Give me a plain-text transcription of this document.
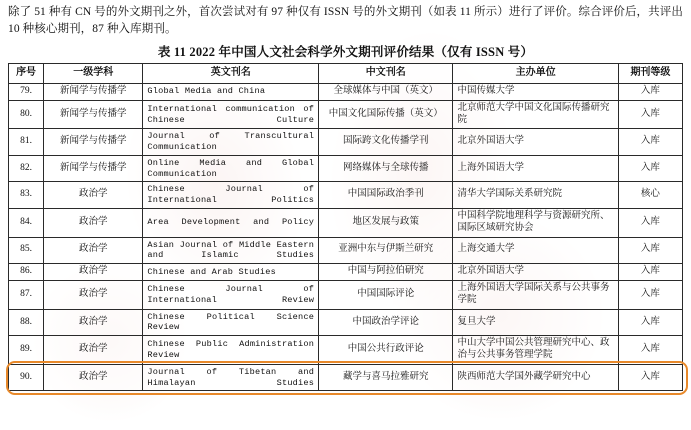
除了 51 种有 CN 号的外文期刊之外，首次尝试对有 97 种仅有 ISSN 号的外文期刊（如表 11 所示）进行了评价。综合评价后，共评出 10 种核心期刊，87 种入库期刊。

表 11 2022 年中国人文社会科学外文期刊评价结果（仅有 ISSN 号）
序号	一级学科	英文刊名	中文刊名	主办单位	期刊等级
79.	新闻学与传播学	Global Media and China	全球媒体与中国（英文）	中国传媒大学	入库
80.	新闻学与传播学	International communication of Chinese Culture	中国文化国际传播（英文）	北京师范大学中国文化国际传播研究院	入库
81.	新闻学与传播学	Journal of Transcultural Communication	国际跨文化传播学刊	北京外国语大学	入库
82.	新闻学与传播学	Online Media and Global Communication	网络媒体与全球传播	上海外国语大学	入库
83.	政治学	Chinese Journal of International Politics	中国国际政治季刊	清华大学国际关系研究院	核心
84.	政治学	Area Development and Policy	地区发展与政策	中国科学院地理科学与资源研究所、国际区域研究协会	入库
85.	政治学	Asian Journal of Middle Eastern and Islamic Studies	亚洲中东与伊斯兰研究	上海交通大学	入库
86.	政治学	Chinese and Arab Studies	中国与阿拉伯研究	北京外国语大学	入库
87.	政治学	Chinese Journal of International Review	中国国际评论	上海外国语大学国际关系与公共事务学院	入库
88.	政治学	Chinese Political Science Review	中国政治学评论	复旦大学	入库
89.	政治学	Chinese Public Administration Review	中国公共行政评论	中山大学中国公共管理研究中心、政治与公共事务管理学院	入库
90.	政治学	Journal of Tibetan and Himalayan Studies	藏学与喜马拉雅研究	陕西师范大学国外藏学研究中心	入库
